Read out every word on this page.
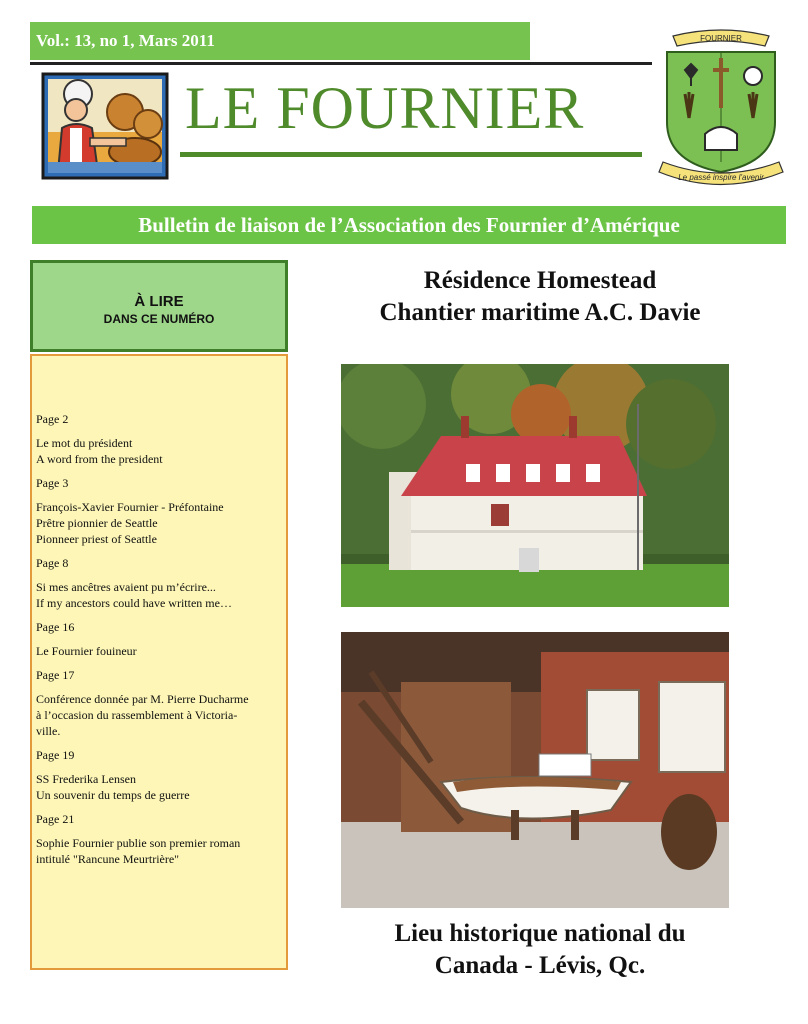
Vol.: 13, no 1, Mars 2011
LE FOURNIER
FOURNIER
Le passé inspire l'avenir
Bulletin de liaison de l’Association des Fournier d’Amérique
À LIRE
DANS CE NUMÉRO
Page 2
Le mot du président
A word from the president
Page 3
François-Xavier Fournier - Préfontaine
Prêtre pionnier de Seattle
Pionneer priest of Seattle
Page 8
Si mes ancêtres avaient pu m’écrire...
If my ancestors could have written me…
Page 16
Le Fournier fouineur
Page 17
Conférence donnée par M. Pierre Ducharme
à l’occasion du rassemblement à Victoria-
ville.
Page 19
SS Frederika Lensen
Un souvenir du temps de guerre
Page 21
Sophie Fournier publie son premier roman
intitulé "Rancune Meurtrière"
Résidence Homestead
Chantier maritime A.C. Davie
Lieu historique national du
Canada - Lévis, Qc.
